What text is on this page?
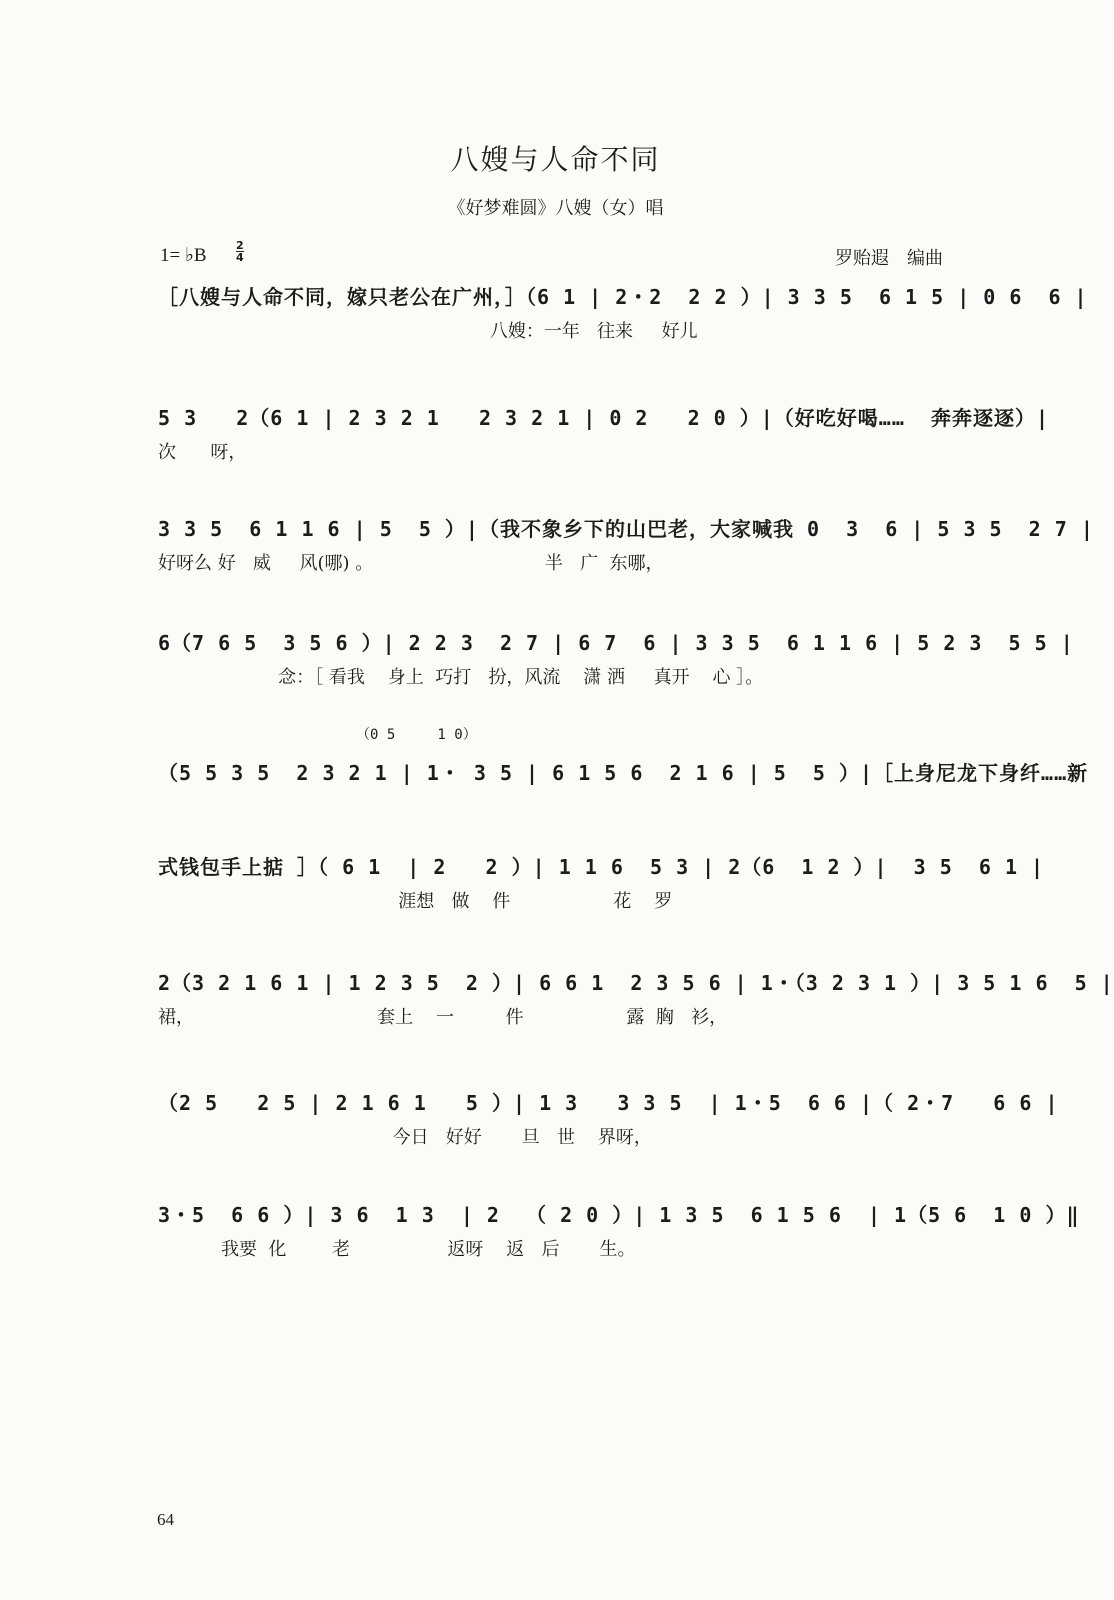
八嫂与人命不同
《好梦难圆》八嫂（女）唱
1= ♭B	2
4	罗贻遐　编曲
［八嫂与人命不同，嫁只老公在广州，］（6 1 | 2・2  2 2 ）| 3 3 5  6 1 5 | 0 6  6 |
八嫂：一年   往来     好儿
5 3   2（6 1 | 2 3 2 1   2 3 2 1 | 0 2   2 0 ）|（好吃好喝……  奔奔逐逐）|
次      呀，
3 3 5  6 1 1 6 | 5  5 ）|（我不象乡下的山巴老，大家喊我 0  3  6 | 5 3 5  2 7 |
好呀么 好   威     风(哪) 。                              半   广  东哪，
6（7 6 5  3 5 6 ）| 2 2 3  2 7 | 6 7  6 | 3 3 5  6 1 1 6 | 5 2 3  5 5 |
念：［ 看我    身上  巧打   扮，风流    潇 洒     真开    心 ］。
（0 5     1 0）
（5 5 3 5  2 3 2 1 | 1・ 3 5 | 6 1 5 6  2 1 6 | 5  5 ）|［上身尼龙下身纤……新
式钱包手上掂 ］（ 6 1  | 2   2 ）| 1 1 6  5 3 | 2（6  1 2 ）|  3 5  6 1 |
涯想   做    件                  花    罗
2（3 2 1 6 1 | 1 2 3 5  2 ）| 6 6 1  2 3 5 6 | 1・（3 2 3 1 ）| 3 5 1 6  5 |
裙，                                套上    一         件                  露  胸   衫，
（2 5   2 5 | 2 1 6 1   5 ）| 1 3   3 3 5  | 1・5  6 6 |（ 2・7   6 6 |
今日   好好       旦   世    界呀，
3・5  6 6 ）| 3 6  1 3  | 2  （ 2 0 ）| 1 3 5  6 1 5 6  | 1（5 6  1 0 ）‖
我要  化        老                 返呀    返   后       生。
64
